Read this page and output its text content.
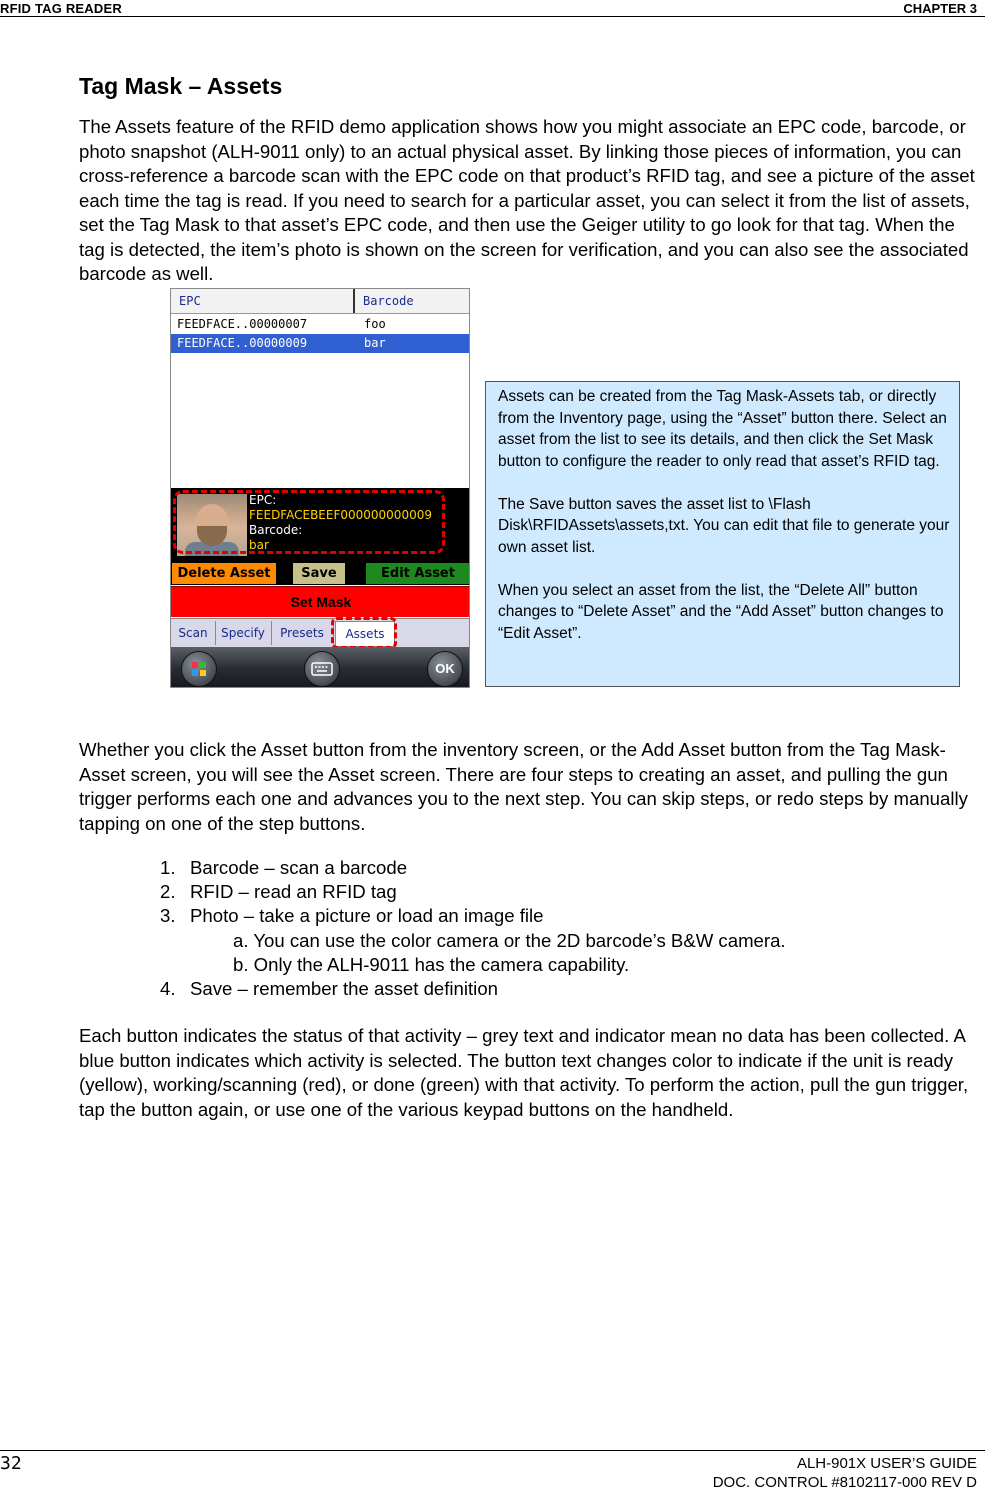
RFID TAG READER	CHAPTER 3
Tag Mask – Assets
The Assets feature of the RFID demo application shows how you might associate an EPC code, barcode, or photo snapshot (ALH-9011 only) to an actual physical asset. By linking those pieces of information, you can cross-reference a barcode scan with the EPC code on that product’s RFID tag, and see a picture of the asset each time the tag is read. If you need to search for a particular asset, you can select it from the list of assets, set the Tag Mask to that asset’s EPC code, and then use the Geiger utility to go look for that tag. When the tag is detected, the item’s photo is shown on the screen for verification, and you can also see the associated barcode as well.
EPC	Barcode
FEEDFACE..00000007	foo
FEEDFACE..00000009	bar
EPC:
FEEDFACEBEEF000000000009
Barcode:
bar
Delete Asset	Save	Edit Asset
Set Mask
Scan	Specify	Presets	Assets
OK

Assets can be created from the Tag Mask-Assets tab, or directly from the Inventory page, using the “Asset” button there. Select an asset from the list to see its details, and then click the Set Mask button to configure the reader to only read that asset’s RFID tag.

The Save button saves the asset list to \Flash Disk\RFIDAssets\assets,txt. You can edit that file to generate your own asset list.

When you select an asset from the list, the “Delete All” button changes to “Delete Asset” and the “Add Asset” button changes to “Edit Asset”.

Whether you click the Asset button from the inventory screen, or the Add Asset button from the Tag Mask-Asset screen, you will see the Asset screen. There are four steps to creating an asset, and pulling the gun trigger performs each one and advances you to the next step. You can skip steps, or redo steps by manually tapping on one of the step buttons.
1. Barcode – scan a barcode
2. RFID – read an RFID tag
3. Photo – take a picture or load an image file
a. You can use the color camera or the 2D barcode’s B&W camera.
b. Only the ALH-9011 has the camera capability.
4. Save – remember the asset definition
Each button indicates the status of that activity – grey text and indicator mean no data has been collected. A blue button indicates which activity is selected. The button text changes color to indicate if the unit is ready (yellow), working/scanning (red), or done (green) with that activity. To perform the action, pull the gun trigger, tap the button again, or use one of the various keypad buttons on the handheld.
32	ALH-901X USER’S GUIDE
DOC. CONTROL #8102117-000 REV D
